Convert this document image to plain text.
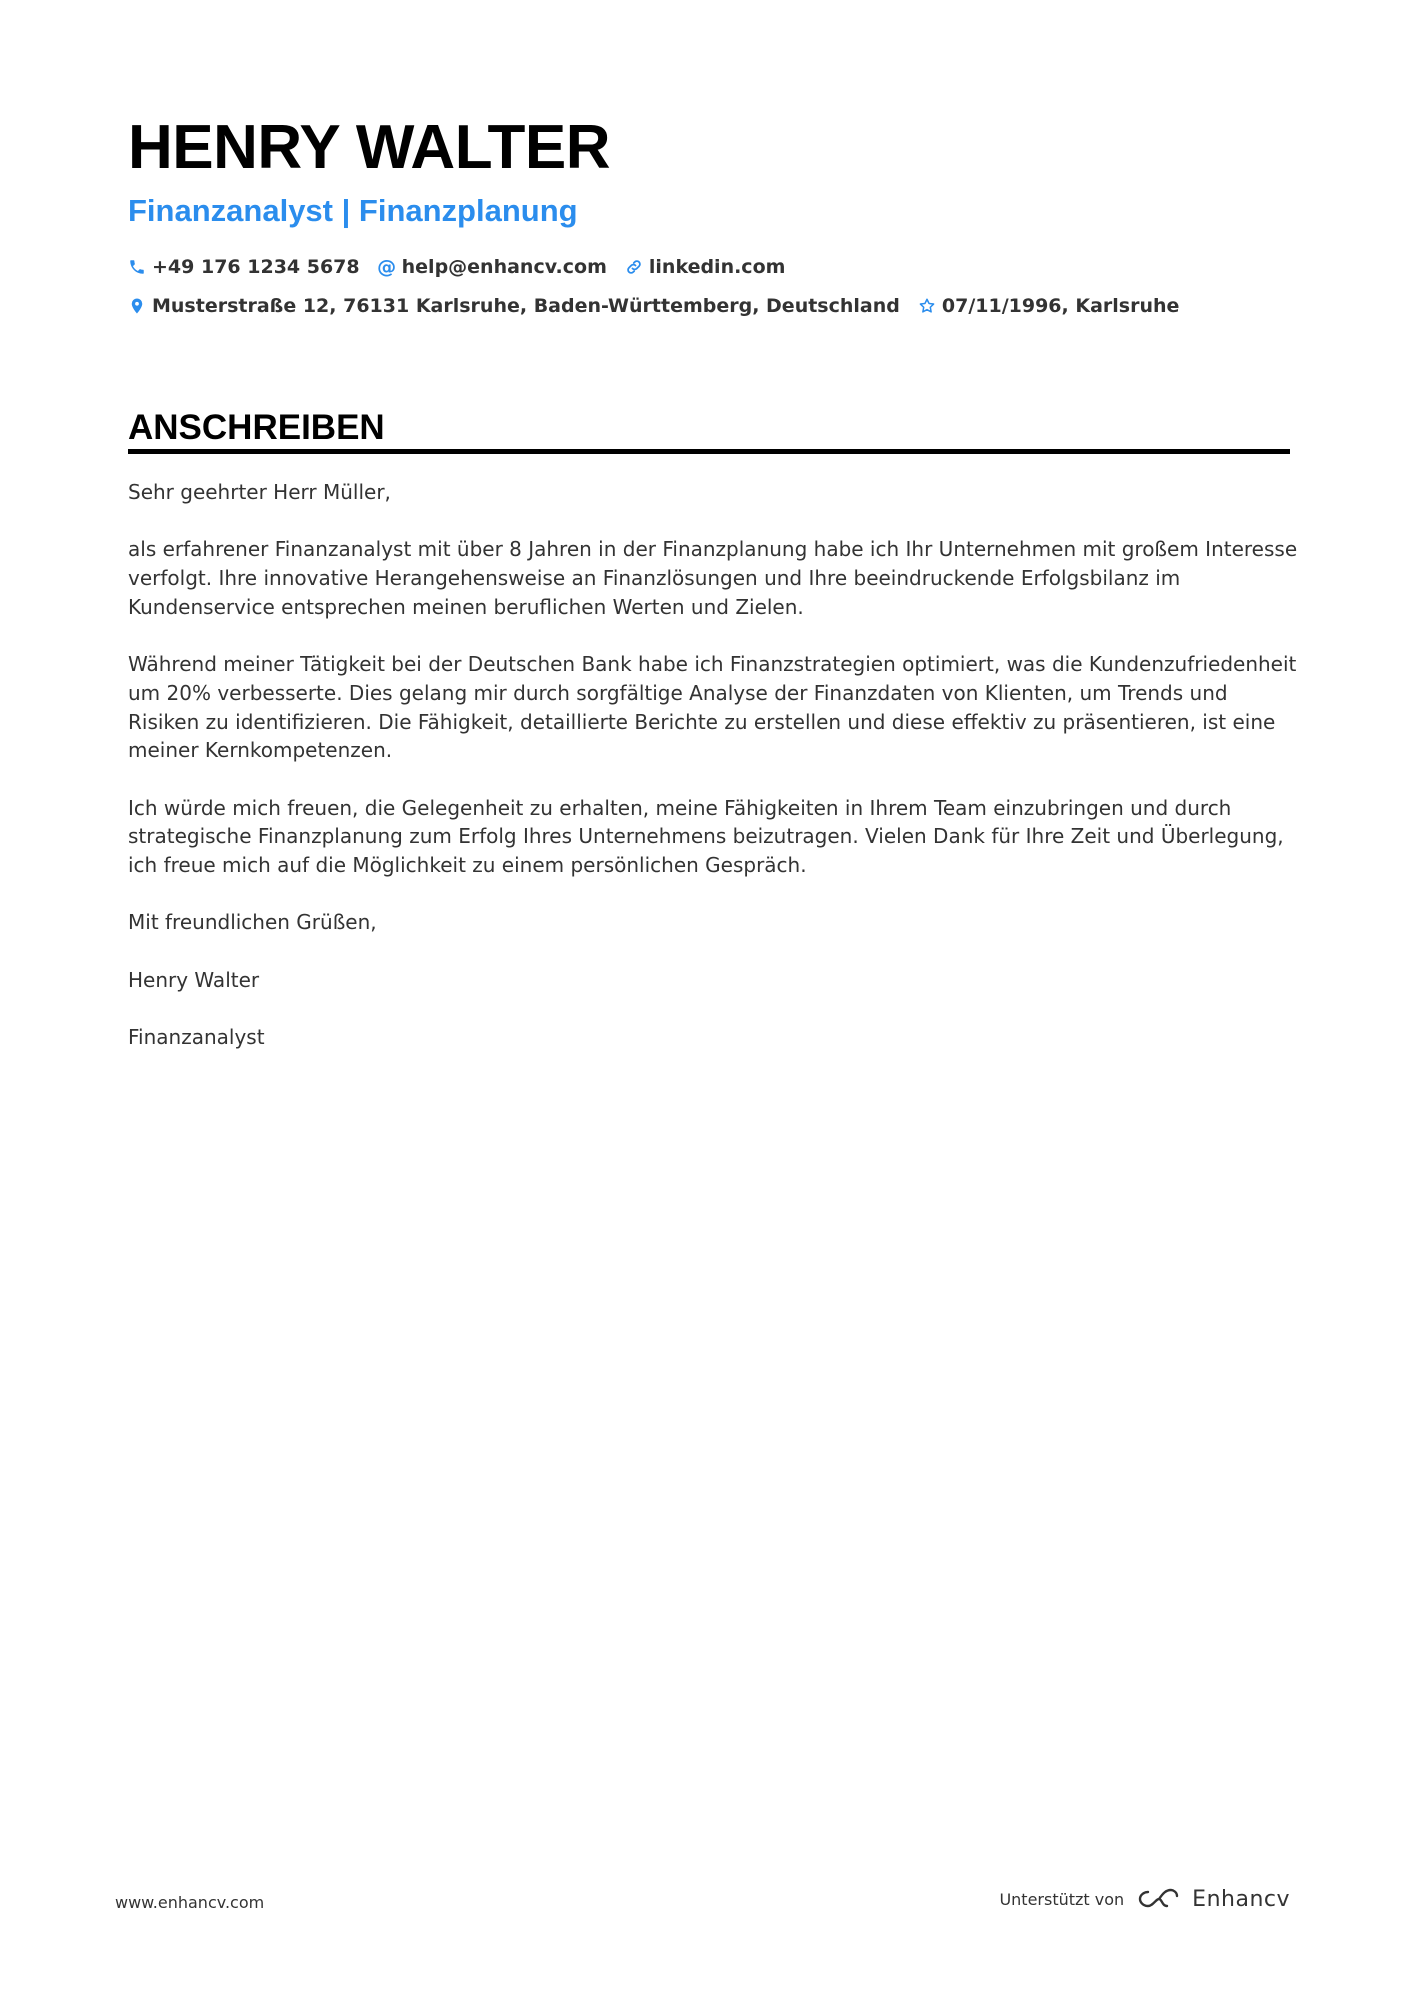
HENRY WALTER
Finanzanalyst | Finanzplanung
+49 176 1234 5678 @ help@enhancv.com linkedin.com
Musterstraße 12, 76131 Karlsruhe, Baden-Württemberg, Deutschland 07/11/1996, Karlsruhe
ANSCHREIBEN

Sehr geehrter Herr Müller,

als erfahrener Finanzanalyst mit über 8 Jahren in der Finanzplanung habe ich Ihr Unternehmen mit großem Interesse verfolgt. Ihre innovative Herangehensweise an Finanzlösungen und Ihre beeindruckende Erfolgsbilanz im Kundenservice entsprechen meinen beruflichen Werten und Zielen.

Während meiner Tätigkeit bei der Deutschen Bank habe ich Finanzstrategien optimiert, was die Kundenzufriedenheit um 20% verbesserte. Dies gelang mir durch sorgfältige Analyse der Finanzdaten von Klienten, um Trends und Risiken zu identifizieren. Die Fähigkeit, detaillierte Berichte zu erstellen und diese effektiv zu präsentieren, ist eine meiner Kernkompetenzen.

Ich würde mich freuen, die Gelegenheit zu erhalten, meine Fähigkeiten in Ihrem Team einzubringen und durch strategische Finanzplanung zum Erfolg Ihres Unternehmens beizutragen. Vielen Dank für Ihre Zeit und Überlegung, ich freue mich auf die Möglichkeit zu einem persönlichen Gespräch.

Mit freundlichen Grüßen,

Henry Walter

Finanzanalyst

www.enhancv.com	Unterstützt von	Enhancv
